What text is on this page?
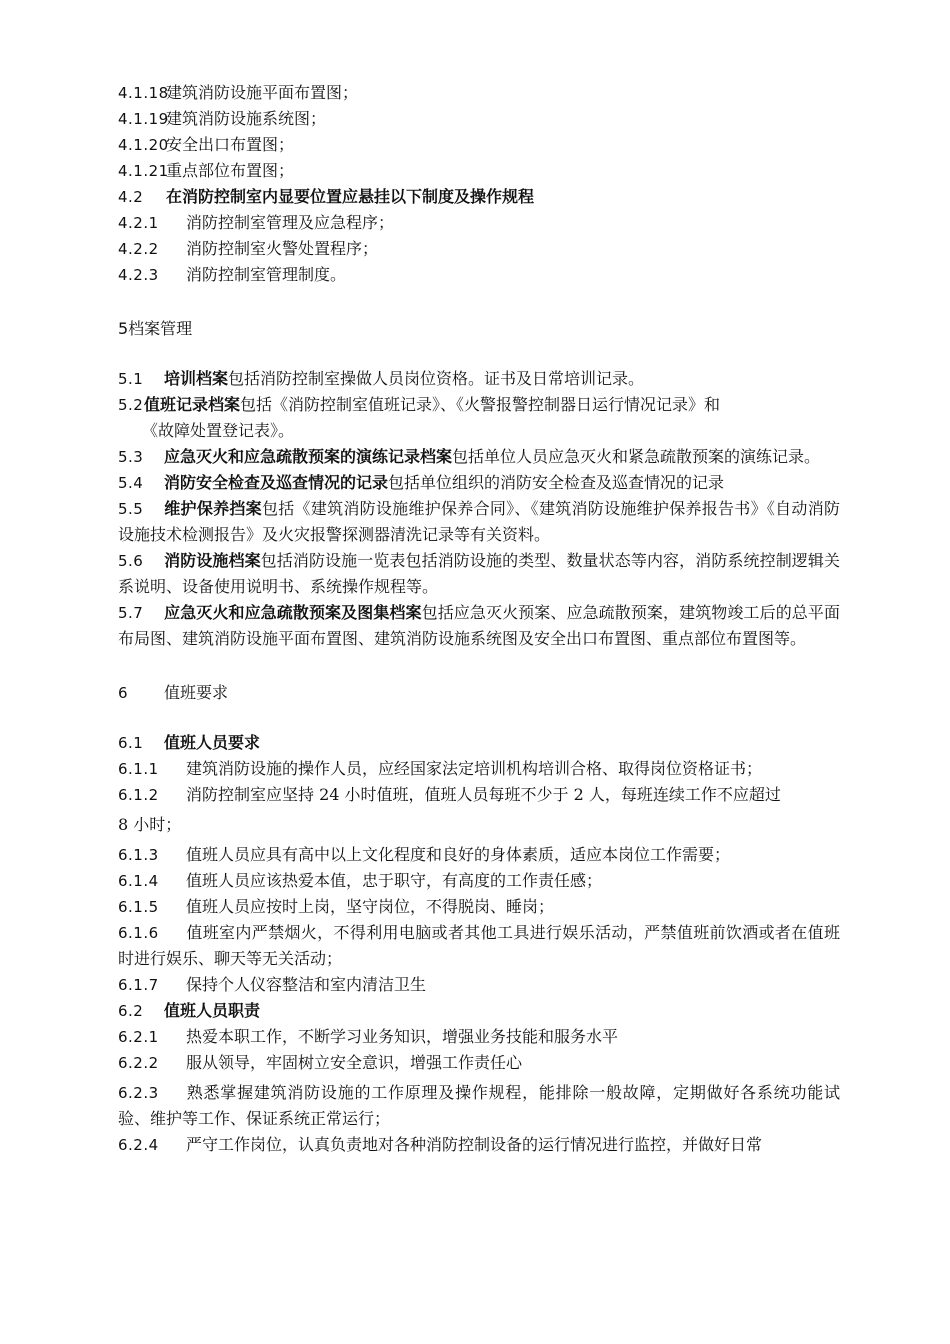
4.1.18建筑消防设施平面布置图；
4.1.19建筑消防设施系统图；
4.1.20安全出口布置图；
4.1.21重点部位布置图；
4.2 在消防控制室内显要位置应悬挂以下制度及操作规程
4.2.1 消防控制室管理及应急程序；
4.2.2 消防控制室火警处置程序；
4.2.3 消防控制室管理制度。
5档案管理
5.1 培训档案包括消防控制室操做人员岗位资格。证书及日常培训记录。
5.2值班记录档案包括《消防控制室值班记录》、《火警报警控制器日运行情况记录》和
《故障处置登记表》。
5.3 应急灭火和应急疏散预案的演练记录档案包括单位人员应急灭火和紧急疏散预案的演练记录。
5.4 消防安全检查及巡查情况的记录包括单位组织的消防安全检查及巡查情况的记录
5.5 维护保养挡案包括《建筑消防设施维护保养合同》、《建筑消防设施维护保养报告书》《自动消防设施技术检测报告》及火灾报警探测器清洗记录等有关资料。
5.6 消防设施档案包括消防设施一览表包括消防设施的类型、数量状态等内容，消防系统控制逻辑关系说明、设备使用说明书、系统操作规程等。
5.7 应急灭火和应急疏散预案及图集档案包括应急灭火预案、应急疏散预案，建筑物竣工后的总平面布局图、建筑消防设施平面布置图、建筑消防设施系统图及安全出口布置图、重点部位布置图等。
6 值班要求
6.1 值班人员要求
6.1.1 建筑消防设施的操作人员，应经国家法定培训机构培训合格、取得岗位资格证书；
6.1.2 消防控制室应坚持 24 小时值班，值班人员每班不少于 2 人，每班连续工作不应超过
8 小时；
6.1.3 值班人员应具有高中以上文化程度和良好的身体素质，适应本岗位工作需要；
6.1.4 值班人员应该热爱本值，忠于职守，有高度的工作责任感；
6.1.5 值班人员应按时上岗，坚守岗位，不得脱岗、睡岗；
6.1.6 值班室内严禁烟火，不得利用电脑或者其他工具进行娱乐活动，严禁值班前饮酒或者在值班时进行娱乐、聊天等无关活动；
6.1.7 保持个人仪容整洁和室内清洁卫生
6.2 值班人员职责
6.2.1 热爱本职工作，不断学习业务知识，增强业务技能和服务水平
6.2.2 服从领导，牢固树立安全意识，增强工作责任心
6.2.3 熟悉掌握建筑消防设施的工作原理及操作规程，能排除一般故障，定期做好各系统功能试验、维护等工作、保证系统正常运行；
6.2.4 严守工作岗位，认真负责地对各种消防控制设备的运行情况进行监控，并做好日常
